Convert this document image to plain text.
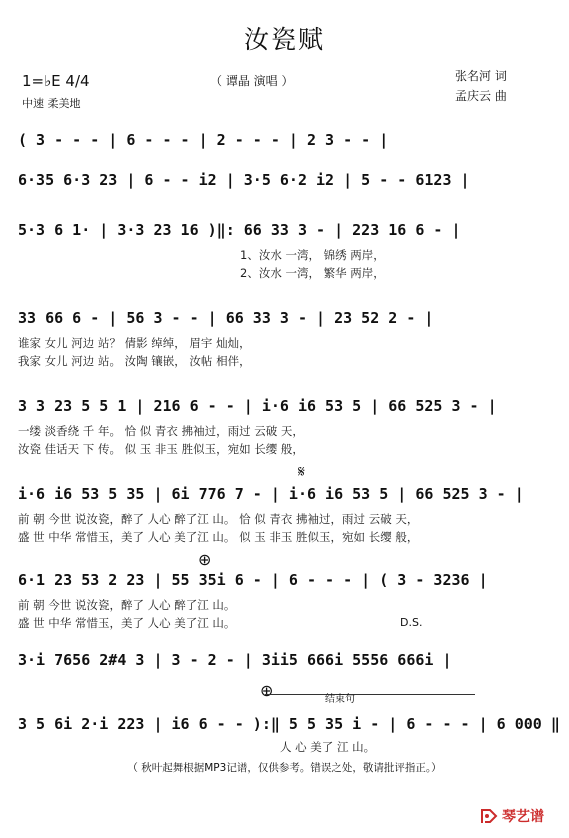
汝瓷赋
（ 谭晶 演唱 ）	张名河 词
孟庆云 曲
1=♭E 4/4
中速 柔美地
( 3 - - - | 6 - - - | 2 - - - | 2 3 - - |
6·35 6·3 23 | 6 - - i2 | 3·5 6·2 i2 | 5 - - 6123 |
5·3 6 1· | 3·3 23 16 )‖: 66 33 3 - | 223 16 6 - |
1、汝水 一湾， 锦绣 两岸，
2、汝水 一湾， 繁华 两岸，
33 66 6 - | 56 3 - - | 66 33 3 - | 23 52 2 - |
谁家 女儿 河边 站？ 倩影 绰绰， 眉宇 灿灿，
我家 女儿 河边 站。 汝陶 镶嵌， 汝帖 相伴，
3 3 23 5 5 1 | 216 6 - - | i·6 i6 53 5 | 66 525 3 - |
一缕 淡香绕 千 年。 恰 似 青衣 拂袖过，雨过 云破 天，
汝瓷 佳话天 下 传。 似 玉 非玉 胜似玉，宛如 长缨 般，
𝄋
i·6 i6 53 5 35 | 6i 776 7 - | i·6 i6 53 5 | 66 525 3 - |
前 朝 今世 说汝瓷，醉了 人心 醉了江 山。 恰 似 青衣 拂袖过，雨过 云破 天，
盛 世 中华 常惜玉，美了 人心 美了江 山。 似 玉 非玉 胜似玉，宛如 长缨 般，
⊕
6·1 23 53 2 23 | 55 35i 6 - | 6 - - - | ( 3 - 3236 |
前 朝 今世 说汝瓷，醉了 人心 醉了江 山。
盛 世 中华 常惜玉，美了 人心 美了江 山。	D.S.
3·i 7656 2#4 3 | 3 - 2 - | 3ii5 666i 5556 666i |
⊕	结束句
3 5 6i 2·i 223 | i6 6 - - ):‖ 5 5 35 i - | 6 - - - | 6 000 ‖
人 心 美了 江 山。
（ 秋叶起舞根据MP3记谱，仅供参考。错误之处，敬请批评指正。）
琴艺谱
